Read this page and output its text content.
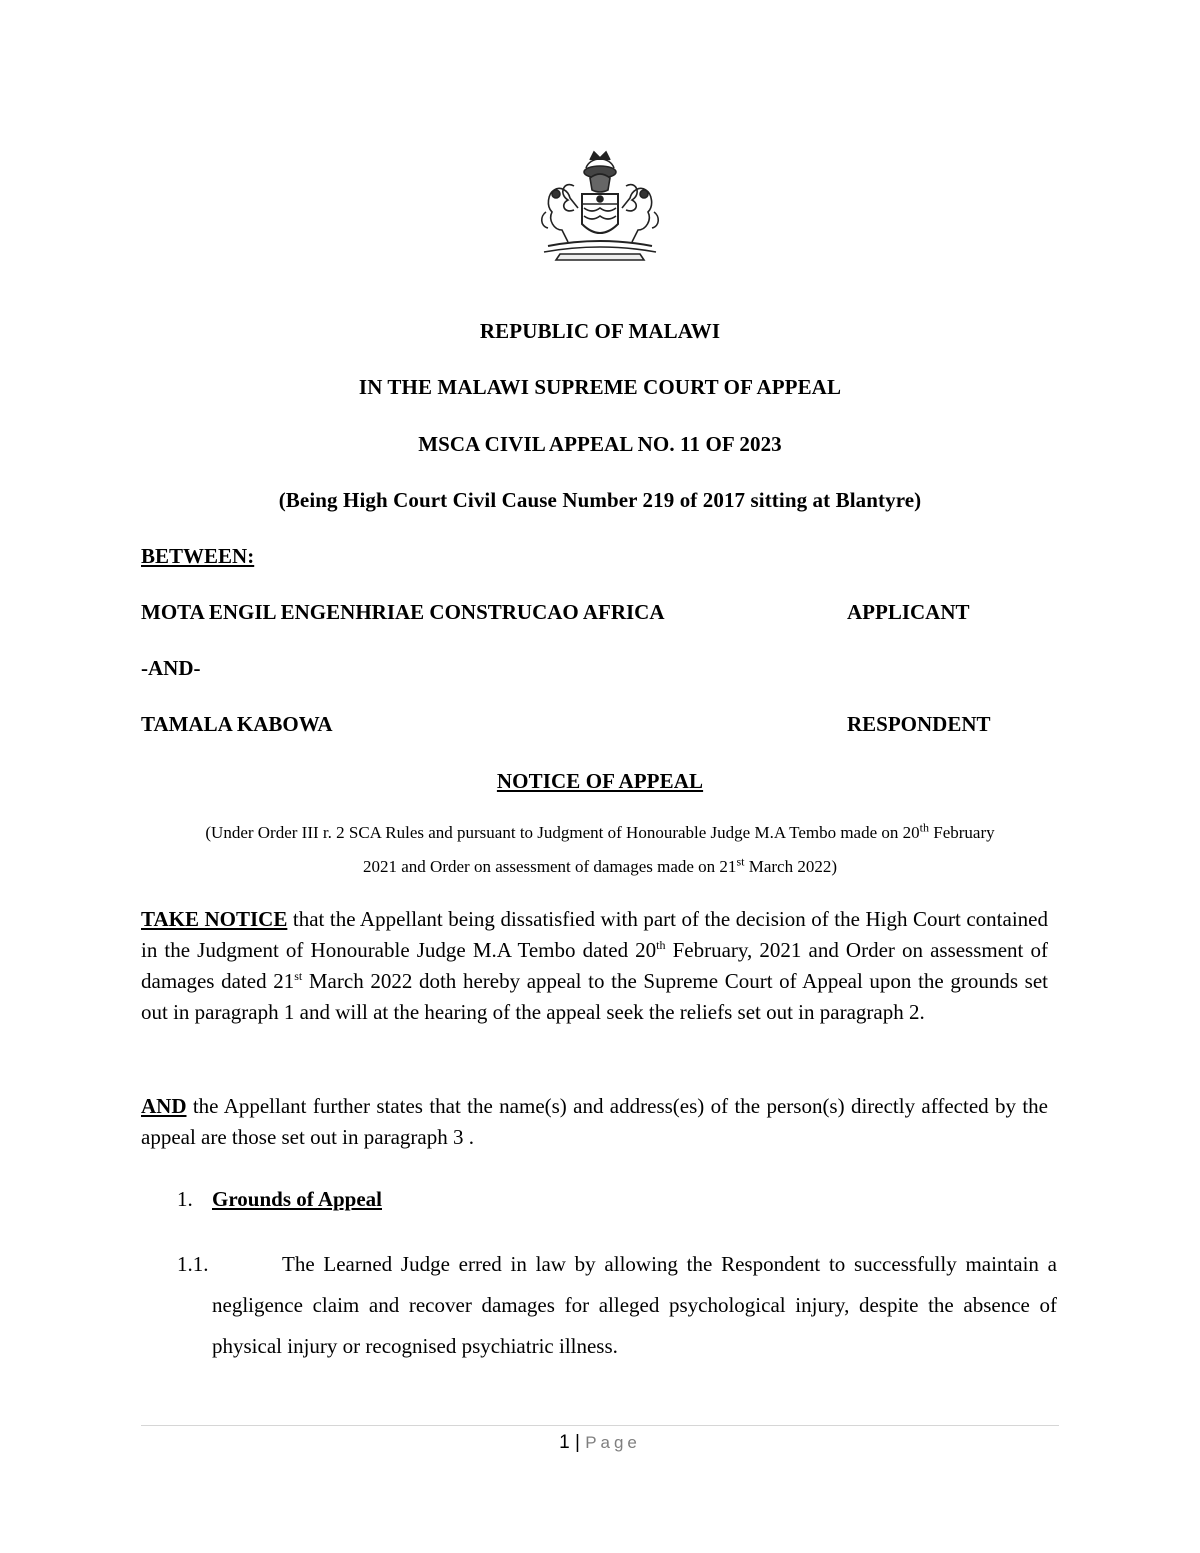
REPUBLIC OF MALAWI
IN THE MALAWI SUPREME COURT OF APPEAL
MSCA CIVIL APPEAL NO. 11 OF 2023
(Being High Court Civil Cause Number 219 of 2017 sitting at Blantyre)
BETWEEN:
MOTA ENGIL ENGENHRIAE CONSTRUCAO AFRICA	APPLICANT
-AND-
TAMALA KABOWA	RESPONDENT
NOTICE OF APPEAL
(Under Order III r. 2 SCA Rules and pursuant to Judgment of Honourable Judge M.A Tembo made on 20th February
2021 and Order on assessment of damages made on 21st March 2022)
TAKE NOTICE that the Appellant being dissatisfied with part of the decision of the High Court contained in the Judgment of Honourable Judge M.A Tembo dated 20th February, 2021 and Order on assessment of damages dated 21st March 2022 doth hereby appeal to the Supreme Court of Appeal upon the grounds set out in paragraph 1 and will at the hearing of the appeal seek the reliefs set out in paragraph 2.
AND the Appellant further states that the name(s) and address(es) of the person(s) directly affected by the appeal are those set out in paragraph 3 .
1. Grounds of Appeal
1.1.	The Learned Judge erred in law by allowing the Respondent to successfully maintain a negligence claim and recover damages for alleged psychological injury, despite the absence of physical injury or recognised psychiatric illness.
1 | Page
